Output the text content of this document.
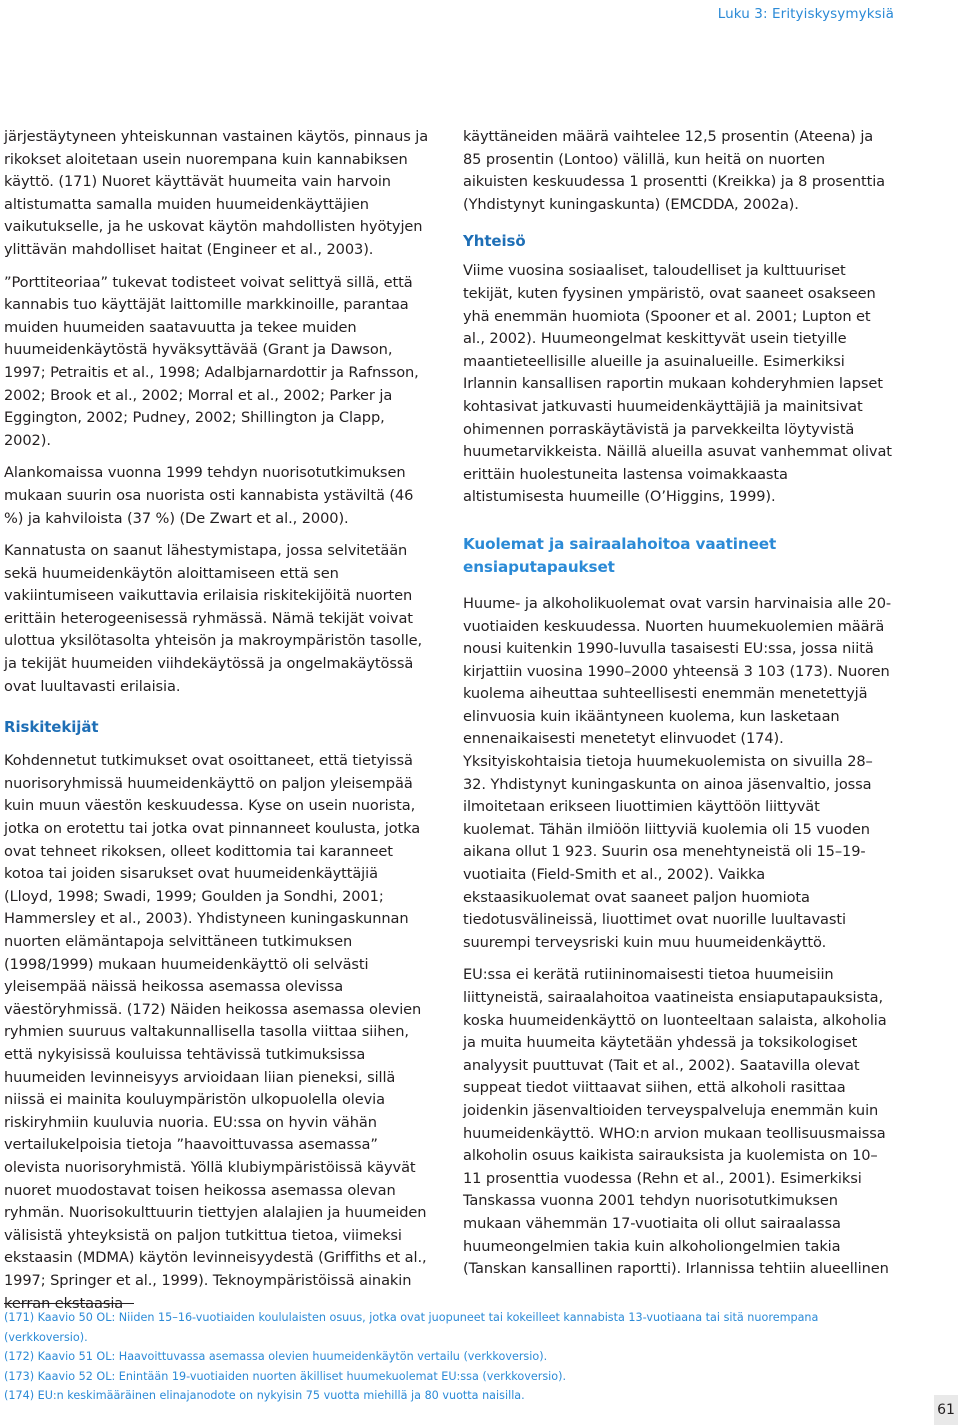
Luku 3: Erityiskysymyksiä

järjestäytyneen yhteiskunnan vastainen käytös, pinnaus ja rikokset aloitetaan usein nuorempana kuin kannabiksen käyttö. (171) Nuoret käyttävät huumeita vain harvoin altistumatta samalla muiden huumeidenkäyttäjien vaikutukselle, ja he uskovat käytön mahdollisten hyötyjen ylittävän mahdolliset haitat (Engineer et al., 2003).

”Porttiteoriaa” tukevat todisteet voivat selittyä sillä, että kannabis tuo käyttäjät laittomille markkinoille, parantaa muiden huumeiden saatavuutta ja tekee muiden huumeidenkäytöstä hyväksyttävää (Grant ja Dawson, 1997; Petraitis et al., 1998; Adalbjarnardottir ja Rafnsson, 2002; Brook et al., 2002; Morral et al., 2002; Parker ja Eggington, 2002; Pudney, 2002; Shillington ja Clapp, 2002).

Alankomaissa vuonna 1999 tehdyn nuorisotutkimuksen mukaan suurin osa nuorista osti kannabista ystäviltä (46 %) ja kahviloista (37 %) (De Zwart et al., 2000).

Kannatusta on saanut lähestymistapa, jossa selvitetään sekä huumeidenkäytön aloittamiseen että sen vakiintumiseen vaikuttavia erilaisia riskitekijöitä nuorten erittäin heterogeenisessä ryhmässä. Nämä tekijät voivat ulottua yksilötasolta yhteisön ja makroympäristön tasolle, ja tekijät huumeiden viihdekäytössä ja ongelmakäytössä ovat luultavasti erilaisia.

Riskitekijät

Kohdennetut tutkimukset ovat osoittaneet, että tietyissä nuorisoryhmissä huumeidenkäyttö on paljon yleisempää kuin muun väestön keskuudessa. Kyse on usein nuorista, jotka on erotettu tai jotka ovat pinnanneet koulusta, jotka ovat tehneet rikoksen, olleet kodittomia tai karanneet kotoa tai joiden sisarukset ovat huumeidenkäyttäjiä (Lloyd, 1998; Swadi, 1999; Goulden ja Sondhi, 2001; Hammersley et al., 2003). Yhdistyneen kuningaskunnan nuorten elämäntapoja selvittäneen tutkimuksen (1998/1999) mukaan huumeidenkäyttö oli selvästi yleisempää näissä heikossa asemassa olevissa väestöryhmissä. (172) Näiden heikossa asemassa olevien ryhmien suuruus valtakunnallisella tasolla viittaa siihen, että nykyisissä kouluissa tehtävissä tutkimuksissa huumeiden levinneisyys arvioidaan liian pieneksi, sillä niissä ei mainita kouluympäristön ulkopuolella olevia riskiryhmiin kuuluvia nuoria. EU:ssa on hyvin vähän vertailukelpoisia tietoja ”haavoittuvassa asemassa” olevista nuorisoryhmistä. Yöllä klubiympäristöissä käyvät nuoret muodostavat toisen heikossa asemassa olevan ryhmän. Nuorisokulttuurin tiettyjen alalajien ja huumeiden välisistä yhteyksistä on paljon tutkittua tietoa, viimeksi ekstaasin (MDMA) käytön levinneisyydestä (Griffiths et al., 1997; Springer et al., 1999). Teknoympäristöissä ainakin kerran ekstaasia

käyttäneiden määrä vaihtelee 12,5 prosentin (Ateena) ja 85 prosentin (Lontoo) välillä, kun heitä on nuorten aikuisten keskuudessa 1 prosentti (Kreikka) ja 8 prosenttia (Yhdistynyt kuningaskunta) (EMCDDA, 2002a).

Yhteisö

Viime vuosina sosiaaliset, taloudelliset ja kulttuuriset tekijät, kuten fyysinen ympäristö, ovat saaneet osakseen yhä enemmän huomiota (Spooner et al. 2001; Lupton et al., 2002). Huumeongelmat keskittyvät usein tietyille maantieteellisille alueille ja asuinalueille. Esimerkiksi Irlannin kansallisen raportin mukaan kohderyhmien lapset kohtasivat jatkuvasti huumeidenkäyttäjiä ja mainitsivat ohimennen porraskäytävistä ja parvekkeilta löytyvistä huumetarvikkeista. Näillä alueilla asuvat vanhemmat olivat erittäin huolestuneita lastensa voimakkaasta altistumisesta huumeille (O’Higgins, 1999).

Kuolemat ja sairaalahoitoa vaatineet ensiaputapaukset

Huume- ja alkoholikuolemat ovat varsin harvinaisia alle 20-vuotiaiden keskuudessa. Nuorten huumekuolemien määrä nousi kuitenkin 1990-luvulla tasaisesti EU:ssa, jossa niitä kirjattiin vuosina 1990–2000 yhteensä 3 103 (173). Nuoren kuolema aiheuttaa suhteellisesti enemmän menetettyjä elinvuosia kuin ikääntyneen kuolema, kun lasketaan ennenaikaisesti menetetyt elinvuodet (174). Yksityiskohtaisia tietoja huumekuolemista on sivuilla 28–32. Yhdistynyt kuningaskunta on ainoa jäsenvaltio, jossa ilmoitetaan erikseen liuottimien käyttöön liittyvät kuolemat. Tähän ilmiöön liittyviä kuolemia oli 15 vuoden aikana ollut 1 923. Suurin osa menehtyneistä oli 15–19-vuotiaita (Field-Smith et al., 2002). Vaikka ekstaasikuolemat ovat saaneet paljon huomiota tiedotusvälineissä, liuottimet ovat nuorille luultavasti suurempi terveysriski kuin muu huumeidenkäyttö.

EU:ssa ei kerätä rutiininomaisesti tietoa huumeisiin liittyneistä, sairaalahoitoa vaatineista ensiaputapauksista, koska huumeidenkäyttö on luonteeltaan salaista, alkoholia ja muita huumeita käytetään yhdessä ja toksikologiset analyysit puuttuvat (Tait et al., 2002). Saatavilla olevat suppeat tiedot viittaavat siihen, että alkoholi rasittaa joidenkin jäsenvaltioiden terveyspalveluja enemmän kuin huumeidenkäyttö. WHO:n arvion mukaan teollisuusmaissa alkoholin osuus kaikista sairauksista ja kuolemista on 10–11 prosenttia vuodessa (Rehn et al., 2001). Esimerkiksi Tanskassa vuonna 2001 tehdyn nuorisotutkimuksen mukaan vähemmän 17-vuotiaita oli ollut sairaalassa huumeongelmien takia kuin alkoholiongelmien takia (Tanskan kansallinen raportti). Irlannissa tehtiin alueellinen

(171) Kaavio 50 OL: Niiden 15–16-vuotiaiden koululaisten osuus, jotka ovat juopuneet tai kokeilleet kannabista 13-vuotiaana tai sitä nuorempana (verkkoversio).

(172) Kaavio 51 OL: Haavoittuvassa asemassa olevien huumeidenkäytön vertailu (verkkoversio).

(173) Kaavio 52 OL: Enintään 19-vuotiaiden nuorten äkilliset huumekuolemat EU:ssa (verkkoversio).

(174) EU:n keskimääräinen elinajanodote on nykyisin 75 vuotta miehillä ja 80 vuotta naisilla.

61
